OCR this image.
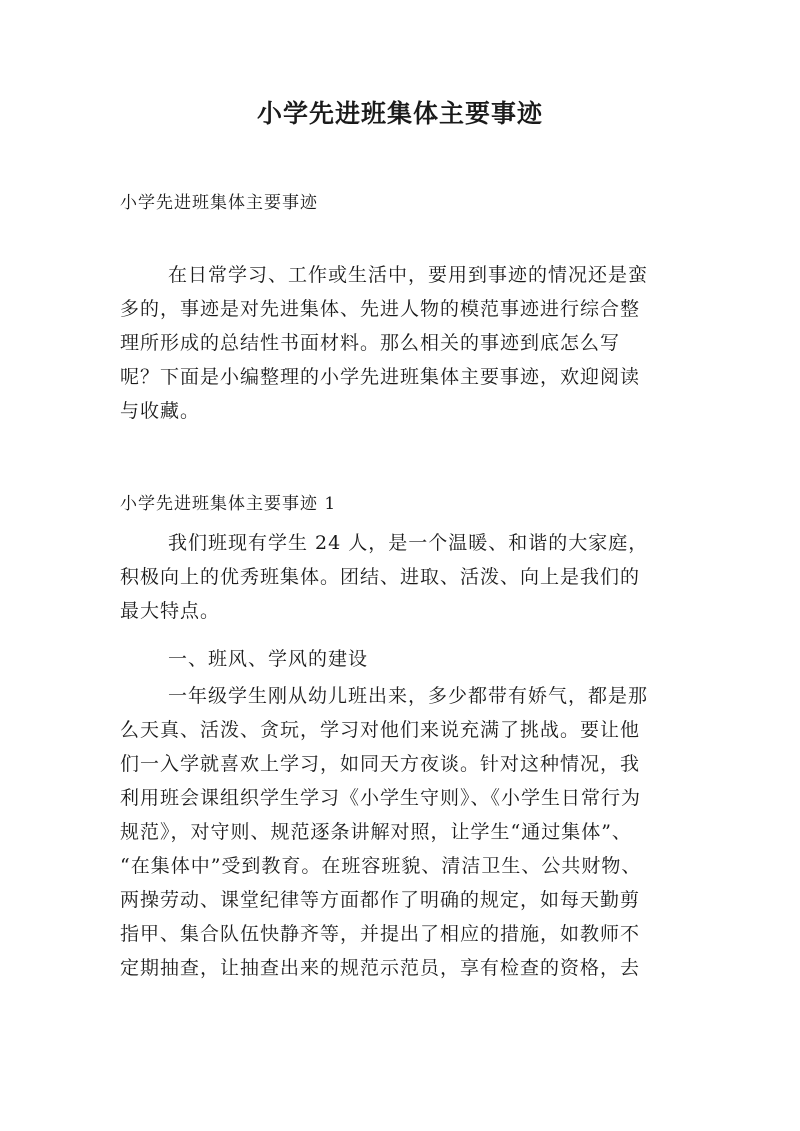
小学先进班集体主要事迹
小学先进班集体主要事迹
在日常学习、工作或生活中，要用到事迹的情况还是蛮
多的，事迹是对先进集体、先进人物的模范事迹进行综合整
理所形成的总结性书面材料。那么相关的事迹到底怎么写
呢？下面是小编整理的小学先进班集体主要事迹，欢迎阅读
与收藏。
小学先进班集体主要事迹 1
我们班现有学生 24 人，是一个温暖、和谐的大家庭，
积极向上的优秀班集体。团结、进取、活泼、向上是我们的
最大特点。
一、班风、学风的建设
一年级学生刚从幼儿班出来，多少都带有娇气，都是那
么天真、活泼、贪玩，学习对他们来说充满了挑战。要让他
们一入学就喜欢上学习，如同天方夜谈。针对这种情况，我
利用班会课组织学生学习《小学生守则》、《小学生日常行为
规范》，对守则、规范逐条讲解对照，让学生“通过集体”、
“在集体中”受到教育。在班容班貌、清洁卫生、公共财物、
两操劳动、课堂纪律等方面都作了明确的规定，如每天勤剪
指甲、集合队伍快静齐等，并提出了相应的措施，如教师不
定期抽查，让抽查出来的规范示范员，享有检查的资格，去
